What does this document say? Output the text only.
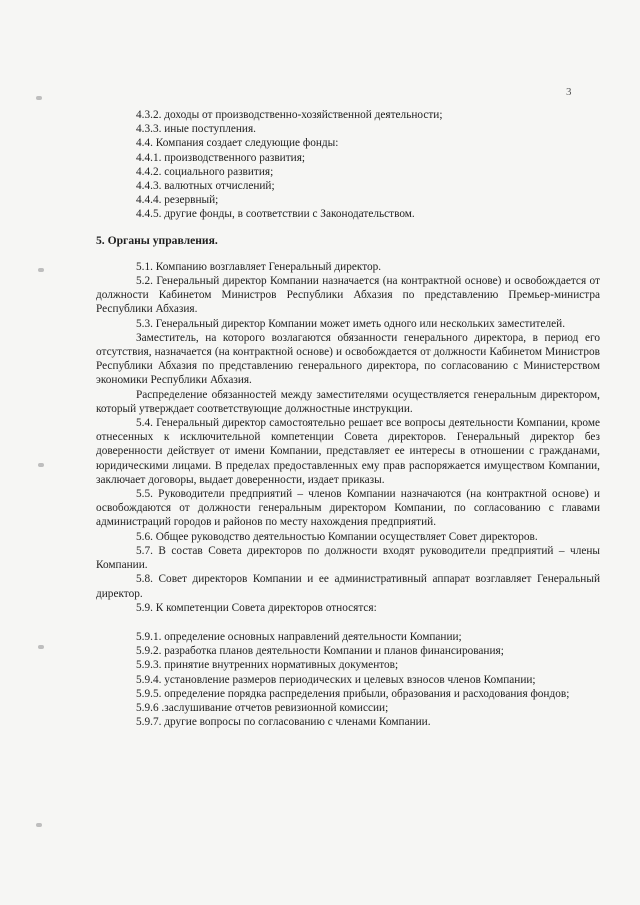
3

4.3.2. доходы от производственно-хозяйственной деятельности;

4.3.3. иные поступления.

4.4. Компания создает следующие фонды:

4.4.1. производственного развития;

4.4.2. социального развития;

4.4.3. валютных отчислений;

4.4.4. резервный;

4.4.5. другие фонды, в соответствии с Законодательством.

5. Органы управления.

5.1. Компанию возглавляет Генеральный директор.

5.2. Генеральный директор Компании назначается (на контрактной основе) и освобождается от должности Кабинетом Министров Республики Абхазия по представлению Премьер-министра Республики Абхазия.

5.3. Генеральный директор Компании может иметь одного или нескольких заместителей.

Заместитель, на которого возлагаются обязанности генерального директора, в период его отсутствия, назначается (на контрактной основе) и освобождается от должности Кабинетом Министров Республики Абхазия по представлению генерального директора, по согласованию с Министерством экономики Республики Абхазия.

Распределение обязанностей между заместителями осуществляется генеральным директором, который утверждает соответствующие должностные инструкции.

5.4. Генеральный директор самостоятельно решает все вопросы деятельности Компании, кроме отнесенных к исключительной компетенции Совета директоров. Генеральный директор без доверенности действует от имени Компании, представляет ее интересы в отношении с гражданами, юридическими лицами. В пределах предоставленных ему прав распоряжается имуществом Компании, заключает договоры, выдает доверенности, издает приказы.

5.5. Руководители предприятий – членов Компании назначаются (на контрактной основе) и освобождаются от должности генеральным директором Компании, по согласованию с главами администраций городов и районов по месту нахождения предприятий.

5.6. Общее руководство деятельностью Компании осуществляет Совет директоров.

5.7. В состав Совета директоров по должности входят руководители предприятий – члены Компании.

5.8. Совет директоров Компании и ее административный аппарат возглавляет Генеральный директор.

5.9. К компетенции Совета директоров относятся:

5.9.1. определение основных направлений деятельности Компании;

5.9.2. разработка планов деятельности Компании и планов финансирования;

5.9.3. принятие внутренних нормативных документов;

5.9.4. установление размеров периодических и целевых взносов членов Компании;

5.9.5. определение порядка распределения прибыли, образования и расходования фондов;

5.9.6 .заслушивание отчетов ревизионной комиссии;

5.9.7. другие вопросы по согласованию с членами Компании.
